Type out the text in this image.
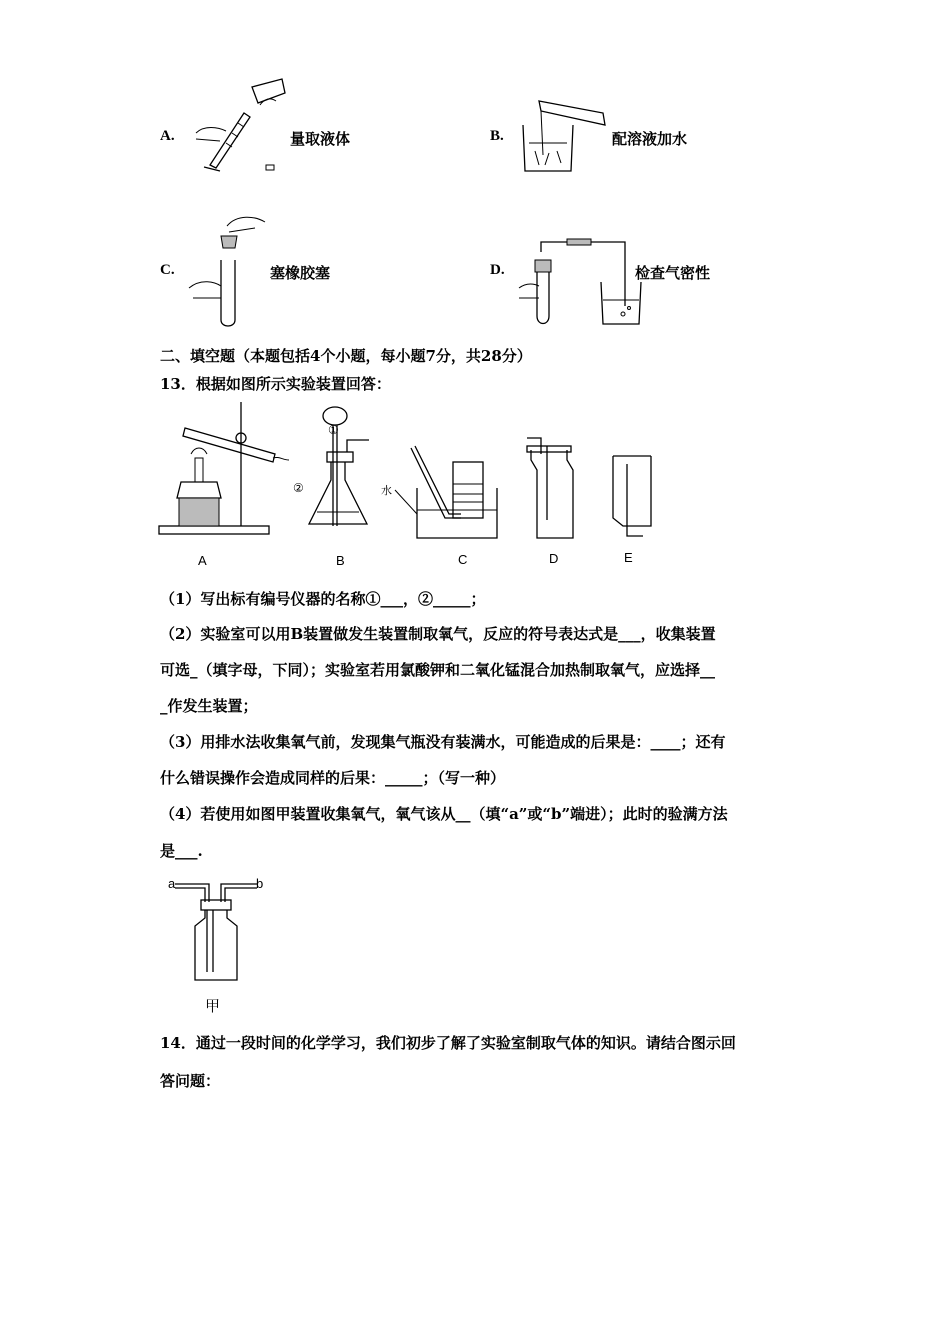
A.	量取液体	B.	配溶液加水
C.	塞橡胶塞	D.	检查气密性
二、填空题（本题包括4个小题，每小题7分，共28分）
13．根据如图所示实验装置回答：
①
②	水
A	B	C	D	E
（1）写出标有编号仪器的名称①___，②_____；
（2）实验室可以用B装置做发生装置制取氧气，反应的符号表达式是___，收集装置
可选_（填字母，下同）；实验室若用氯酸钾和二氧化锰混合加热制取氧气，应选择__
_作发生装置；
（3）用排水法收集氧气前，发现集气瓶没有装满水，可能造成的后果是：____；还有
什么错误操作会造成同样的后果：_____；（写一种）
（4）若使用如图甲装置收集氧气，氧气该从__（填“a”或“b”端进）；此时的验满方法
是___.
a	b
甲
14．通过一段时间的化学学习，我们初步了解了实验室制取气体的知识。请结合图示回
答问题：
